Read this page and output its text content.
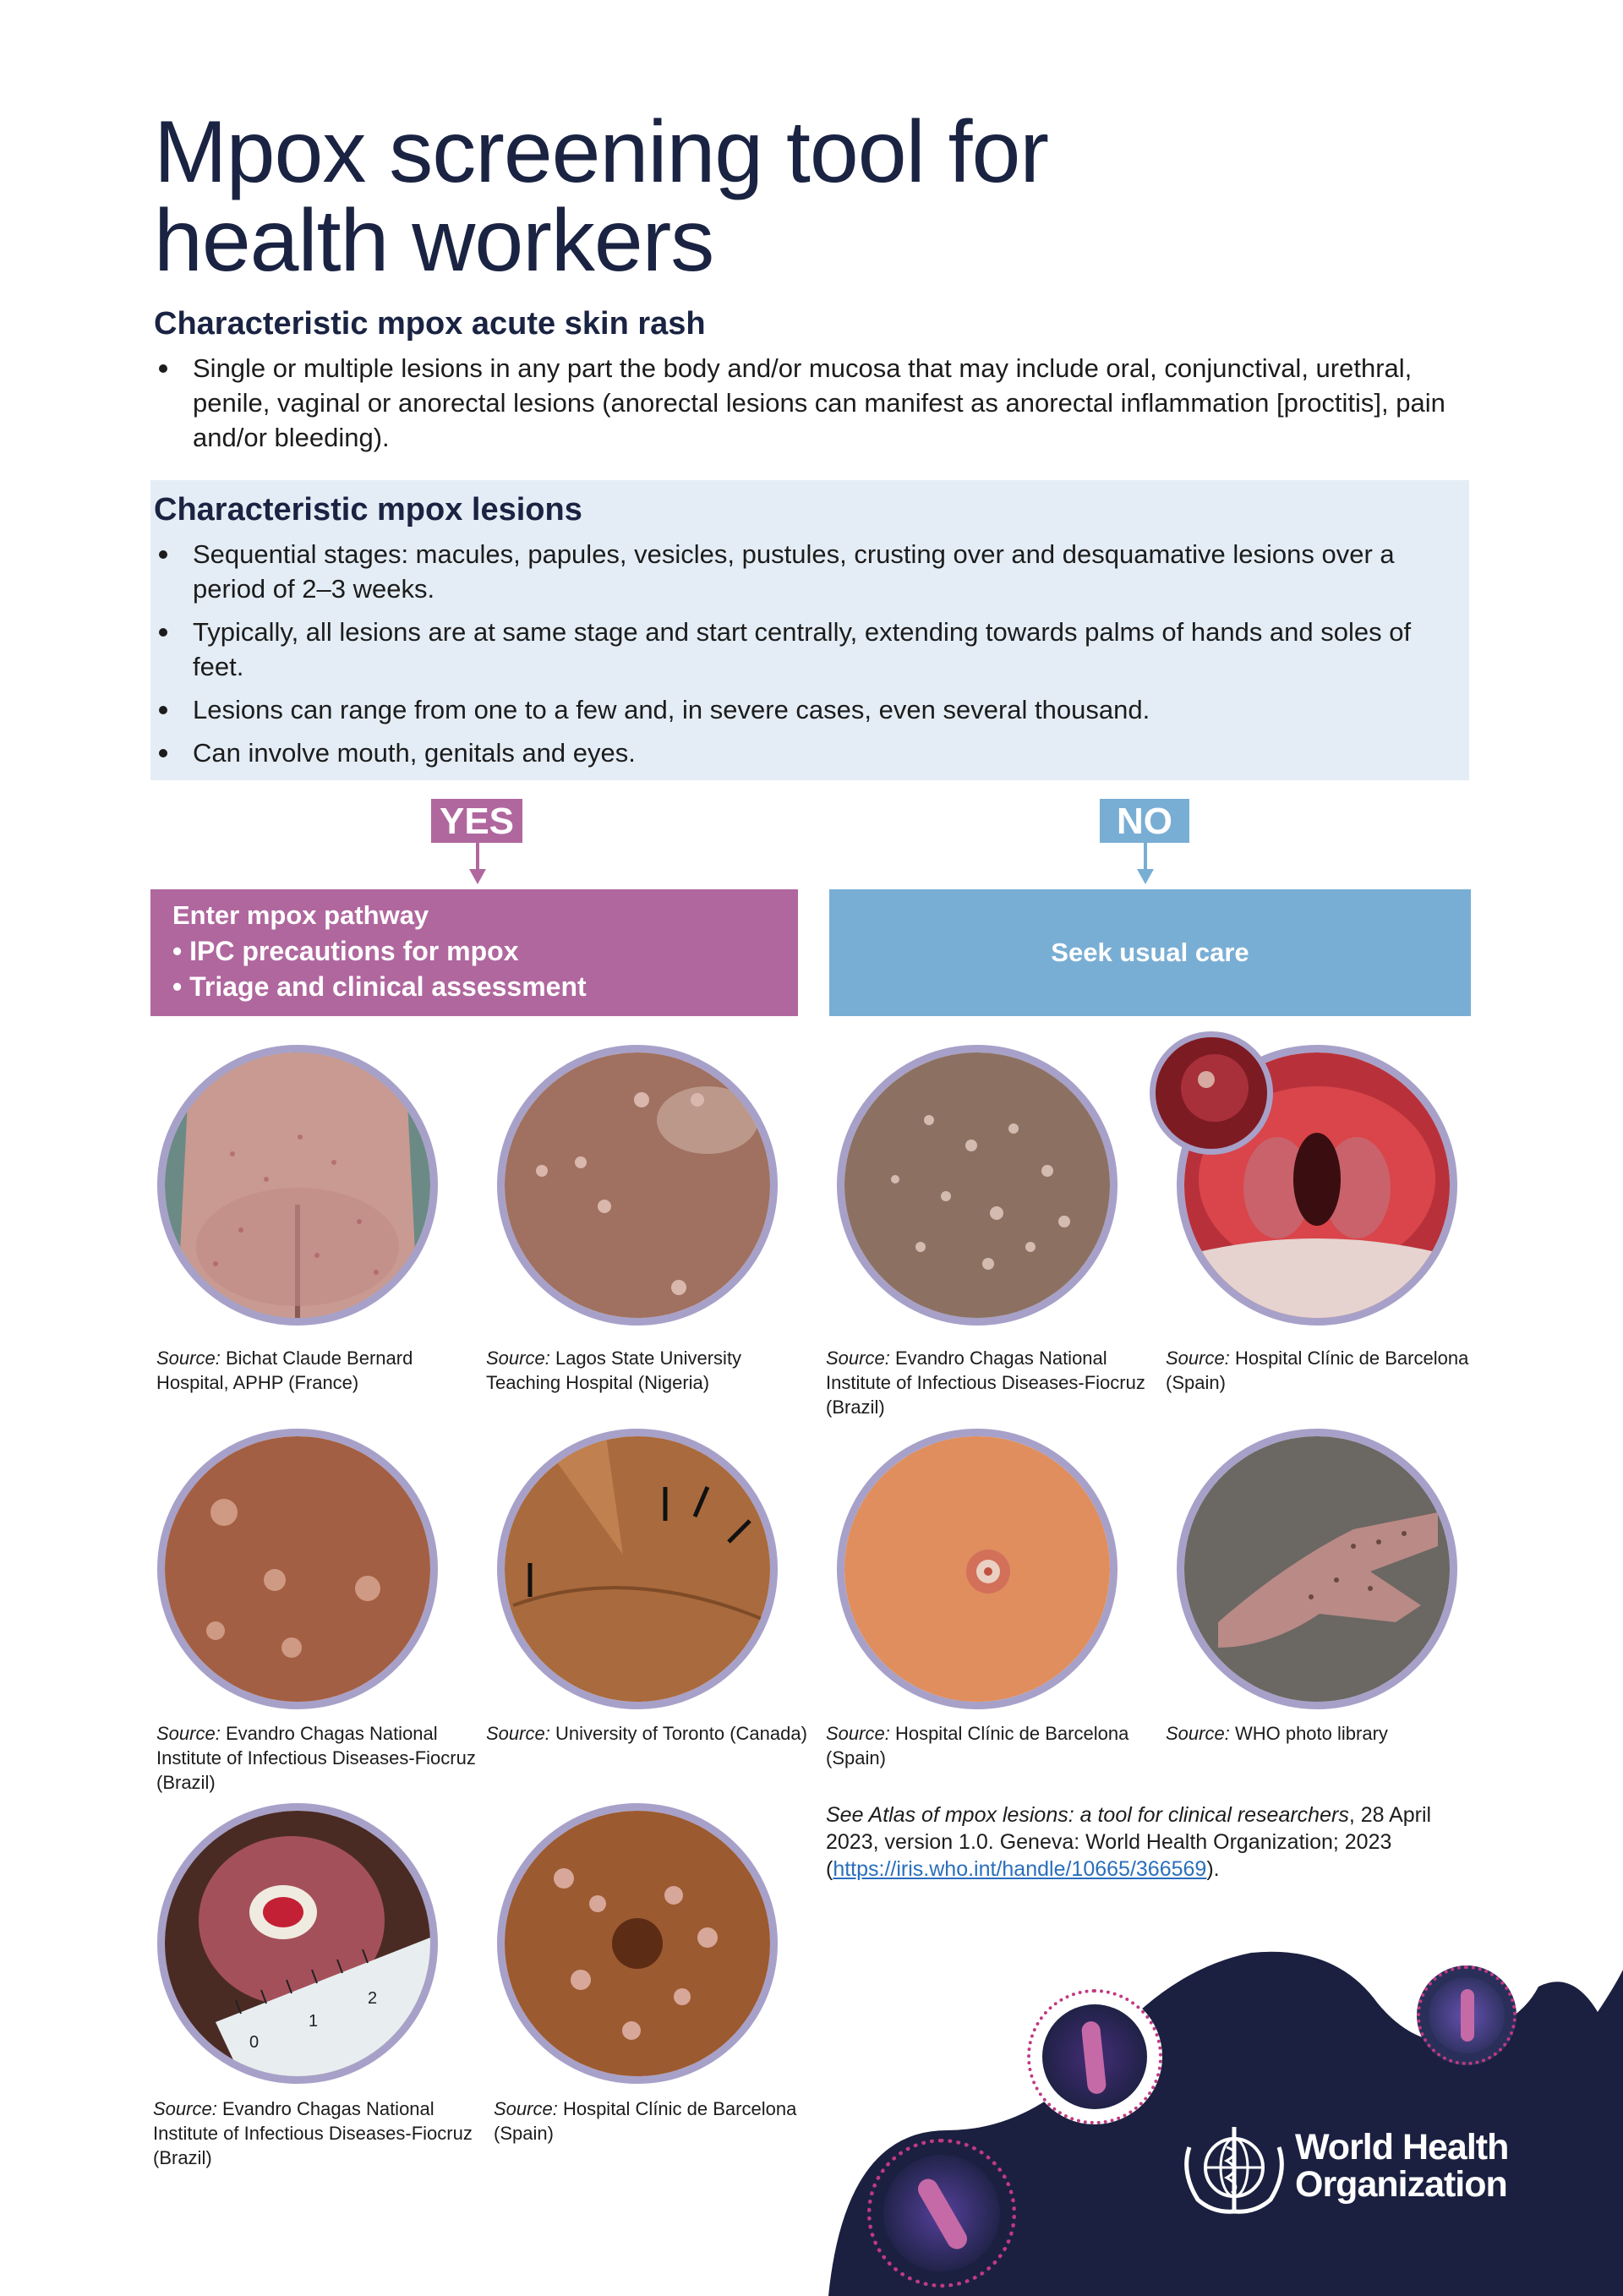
Mpox screening tool for
health workers
Characteristic mpox acute skin rash
Single or multiple lesions in any part the body and/or mucosa that may include oral, conjunctival, urethral, penile, vaginal or anorectal lesions (anorectal lesions can manifest as anorectal inflammation [proctitis], pain and/or bleeding).
Characteristic mpox lesions
Sequential stages: macules, papules, vesicles, pustules, crusting over and desquamative lesions over a period of 2–3 weeks.
Typically, all lesions are at same stage and start centrally, extending towards palms of hands and soles of feet.
Lesions can range from one to a few and, in severe cases, even several thousand.
Can involve mouth, genitals and eyes.
YES	NO
Enter mpox pathway
• IPC precautions for mpox
• Triage and clinical assessment
Seek usual care
Source: Bichat Claude Bernard Hospital, APHP (France)
Source: Lagos State University Teaching Hospital (Nigeria)
Source: Evandro Chagas National Institute of Infectious Diseases-Fiocruz (Brazil)
Source: Hospital Clínic de Barcelona (Spain)
Source: Evandro Chagas National Institute of Infectious Diseases-Fiocruz (Brazil)
Source: University of Toronto (Canada)	Source: Hospital Clínic de Barcelona (Spain)
Source: WHO photo library
0
1
2
Source: Evandro Chagas National Institute of Infectious Diseases-Fiocruz (Brazil)
Source: Hospital Clínic de Barcelona (Spain)
See Atlas of mpox lesions: a tool for clinical researchers, 28 April 2023, version 1.0. Geneva: World Health Organization; 2023 (https://iris.who.int/handle/10665/366569).
World Health
Organization
